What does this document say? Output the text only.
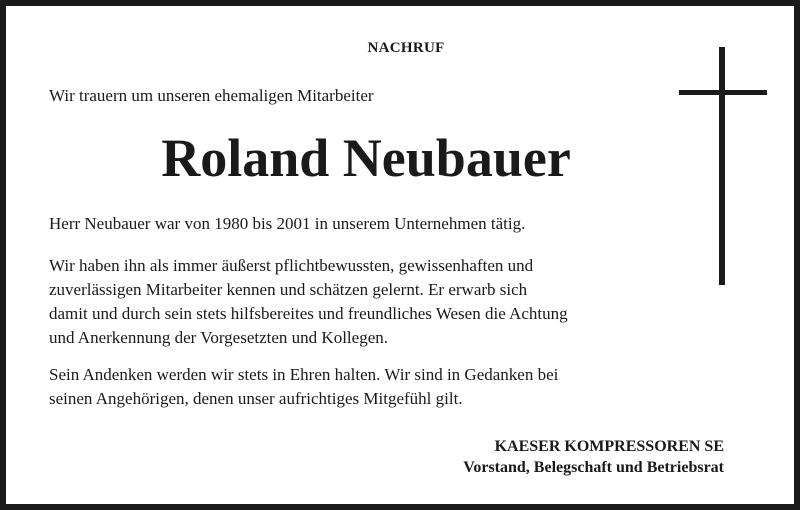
NACHRUF
Wir trauern um unseren ehemaligen Mitarbeiter
Roland Neubauer

Herr Neubauer war von 1980 bis 2001 in unserem Unternehmen tätig.

Wir haben ihn als immer äußerst pflichtbewussten, gewissenhaften und
zuverlässigen Mitarbeiter kennen und schätzen gelernt. Er erwarb sich
damit und durch sein stets hilfsbereites und freundliches Wesen die Achtung
und Anerkennung der Vorgesetzten und Kollegen.

Sein Andenken werden wir stets in Ehren halten. Wir sind in Gedanken bei
seinen Angehörigen, denen unser aufrichtiges Mitgefühl gilt.

KAESER KOMPRESSOREN SE
Vorstand, Belegschaft und Betriebsrat
